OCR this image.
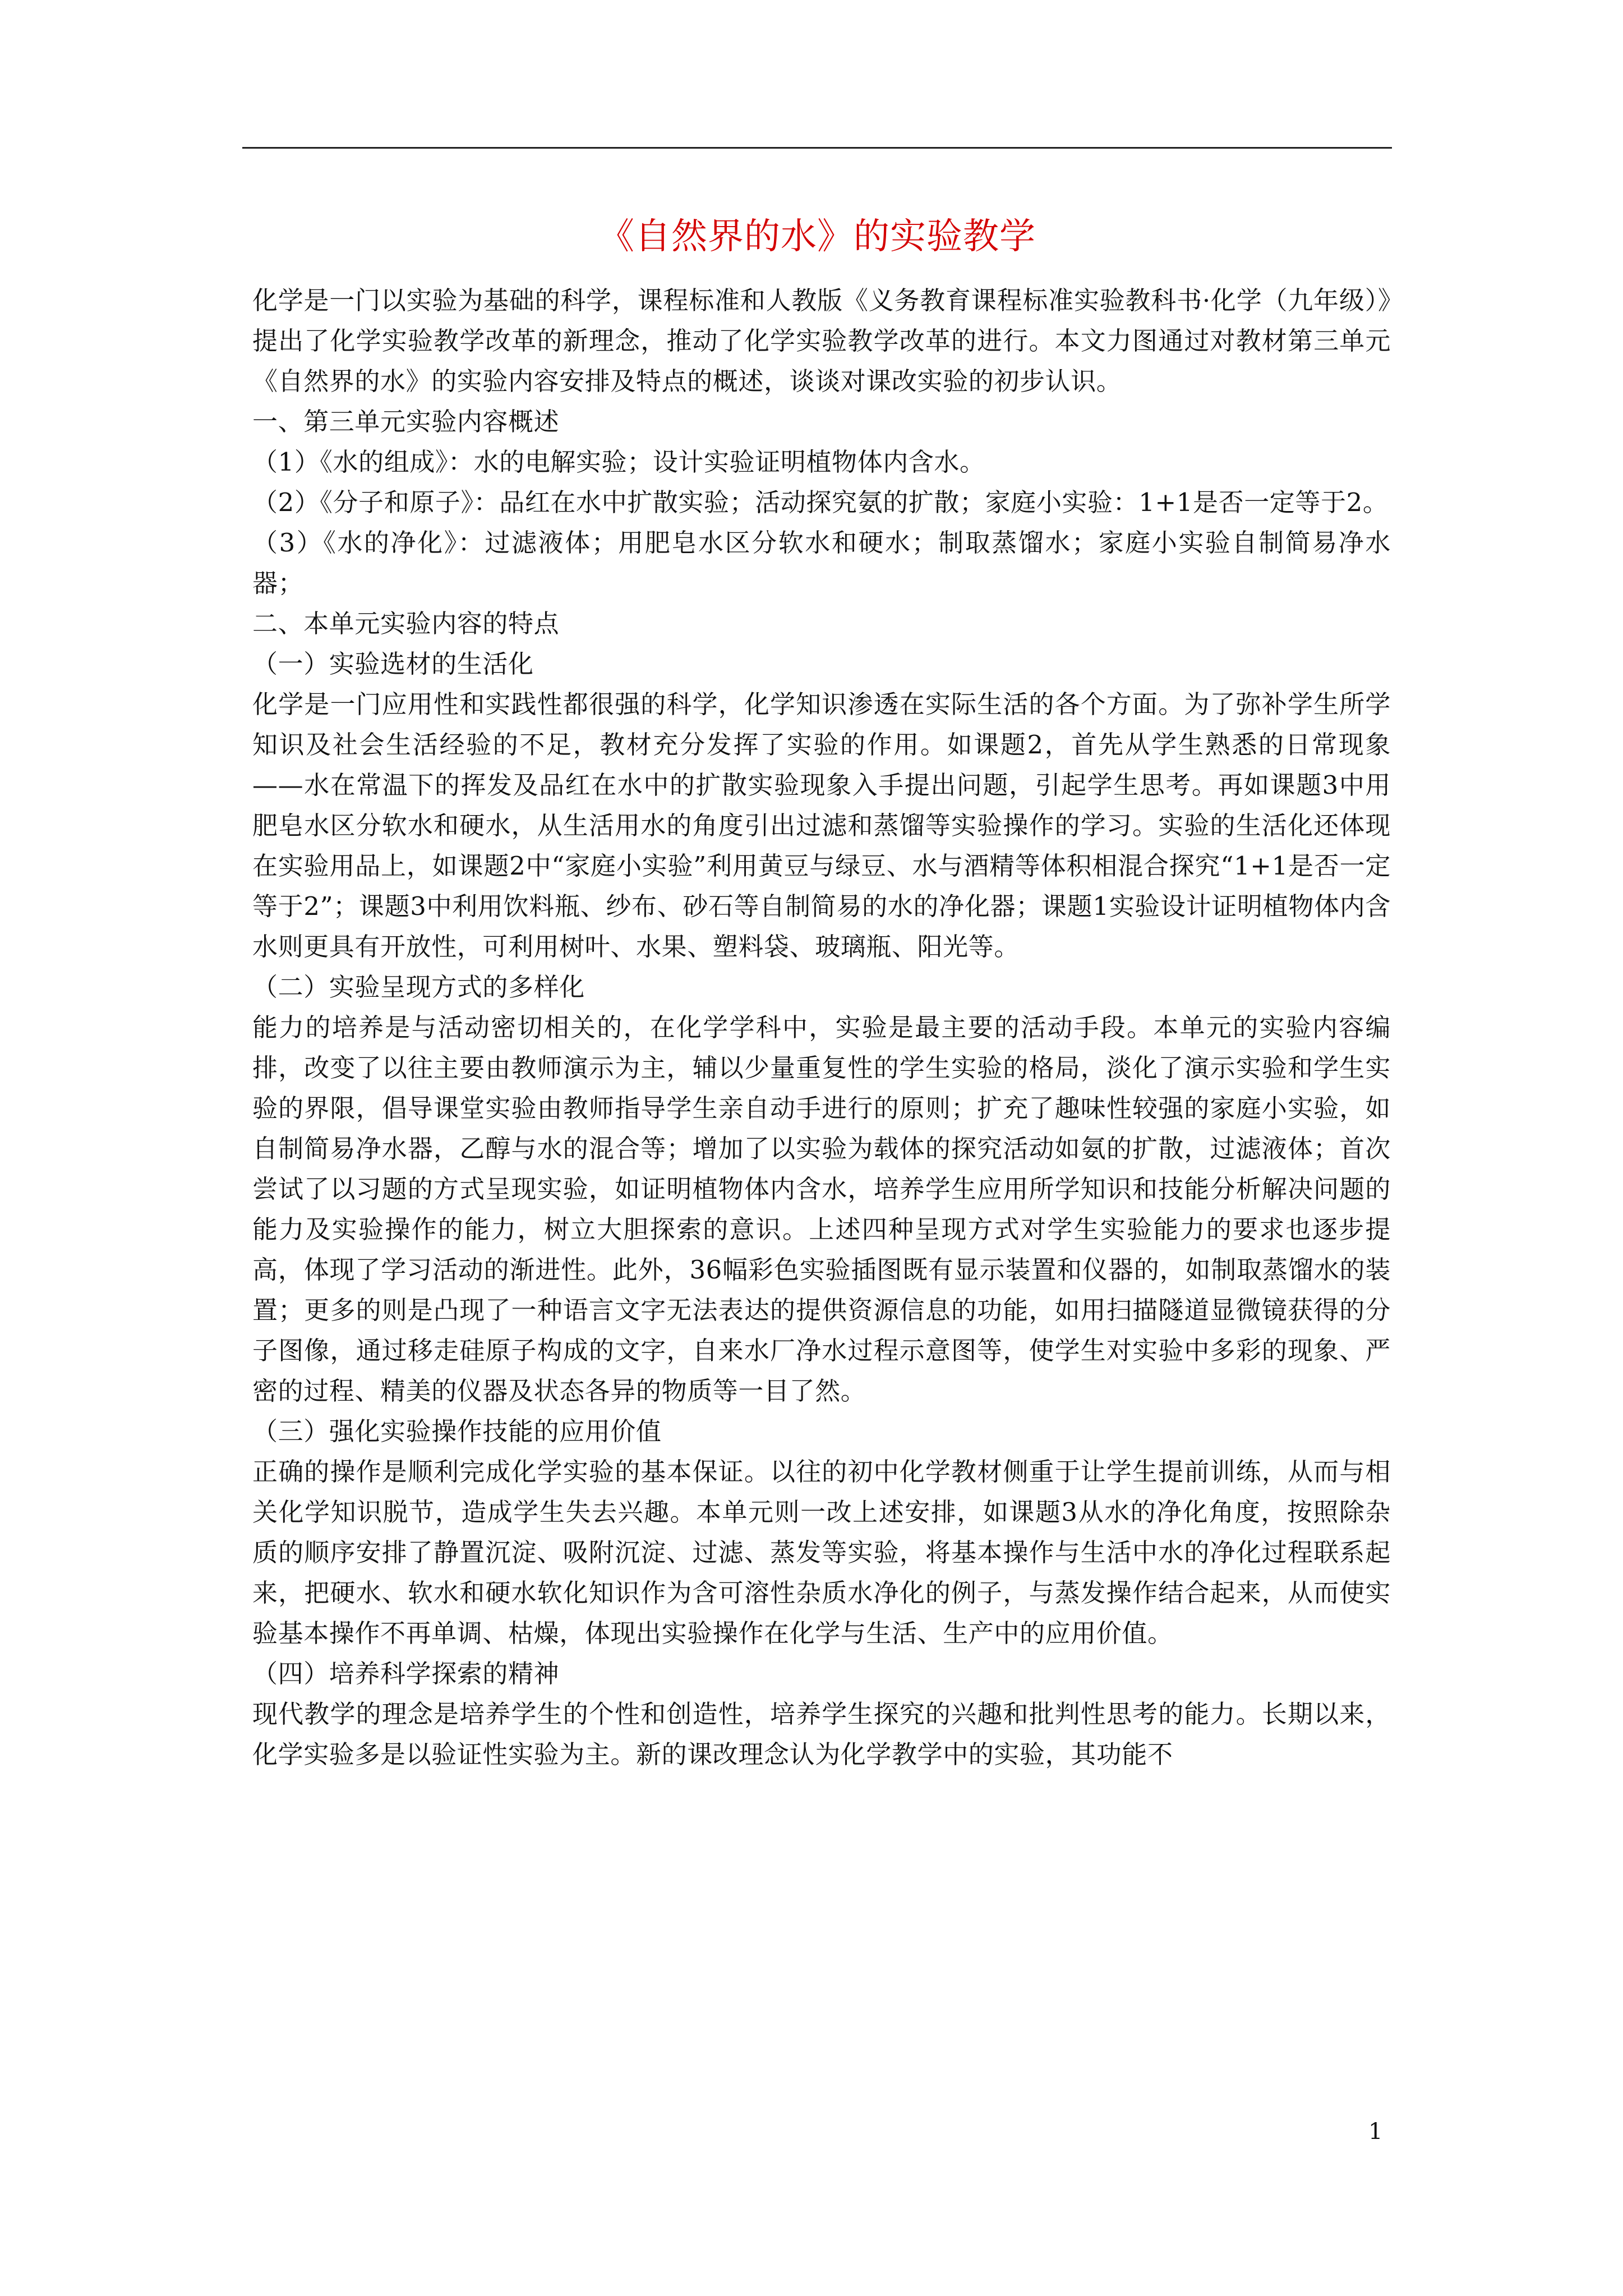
《自然界的水》的实验教学

化学是一门以实验为基础的科学，课程标准和人教版《义务教育课程标准实验教科书·化学（九年级）》提出了化学实验教学改革的新理念，推动了化学实验教学改革的进行。本文力图通过对教材第三单元《自然界的水》的实验内容安排及特点的概述，谈谈对课改实验的初步认识。

一、第三单元实验内容概述

（1）《水的组成》：水的电解实验；设计实验证明植物体内含水。

（2）《分子和原子》：品红在水中扩散实验；活动探究氨的扩散；家庭小实验：1+1是否一定等于2。

（3）《水的净化》：过滤液体；用肥皂水区分软水和硬水；制取蒸馏水；家庭小实验自制简易净水器；

二、本单元实验内容的特点

（一）实验选材的生活化

化学是一门应用性和实践性都很强的科学，化学知识渗透在实际生活的各个方面。为了弥补学生所学知识及社会生活经验的不足，教材充分发挥了实验的作用。如课题2，首先从学生熟悉的日常现象——水在常温下的挥发及品红在水中的扩散实验现象入手提出问题，引起学生思考。再如课题3中用肥皂水区分软水和硬水，从生活用水的角度引出过滤和蒸馏等实验操作的学习。实验的生活化还体现在实验用品上，如课题2中“家庭小实验”利用黄豆与绿豆、水与酒精等体积相混合探究“1+1是否一定等于2”；课题3中利用饮料瓶、纱布、砂石等自制简易的水的净化器；课题1实验设计证明植物体内含水则更具有开放性，可利用树叶、水果、塑料袋、玻璃瓶、阳光等。

（二）实验呈现方式的多样化

能力的培养是与活动密切相关的，在化学学科中，实验是最主要的活动手段。本单元的实验内容编排，改变了以往主要由教师演示为主，辅以少量重复性的学生实验的格局，淡化了演示实验和学生实验的界限，倡导课堂实验由教师指导学生亲自动手进行的原则；扩充了趣味性较强的家庭小实验，如自制简易净水器，乙醇与水的混合等；增加了以实验为载体的探究活动如氨的扩散，过滤液体；首次尝试了以习题的方式呈现实验，如证明植物体内含水，培养学生应用所学知识和技能分析解决问题的能力及实验操作的能力，树立大胆探索的意识。上述四种呈现方式对学生实验能力的要求也逐步提高，体现了学习活动的渐进性。此外，36幅彩色实验插图既有显示装置和仪器的，如制取蒸馏水的装置；更多的则是凸现了一种语言文字无法表达的提供资源信息的功能，如用扫描隧道显微镜获得的分子图像，通过移走硅原子构成的文字，自来水厂净水过程示意图等，使学生对实验中多彩的现象、严密的过程、精美的仪器及状态各异的物质等一目了然。

（三）强化实验操作技能的应用价值

正确的操作是顺利完成化学实验的基本保证。以往的初中化学教材侧重于让学生提前训练，从而与相关化学知识脱节，造成学生失去兴趣。本单元则一改上述安排，如课题3从水的净化角度，按照除杂质的顺序安排了静置沉淀、吸附沉淀、过滤、蒸发等实验，将基本操作与生活中水的净化过程联系起来，把硬水、软水和硬水软化知识作为含可溶性杂质水净化的例子，与蒸发操作结合起来，从而使实验基本操作不再单调、枯燥，体现出实验操作在化学与生活、生产中的应用价值。

（四）培养科学探索的精神

现代教学的理念是培养学生的个性和创造性，培养学生探究的兴趣和批判性思考的能力。长期以来，化学实验多是以验证性实验为主。新的课改理念认为化学教学中的实验，其功能不

1
